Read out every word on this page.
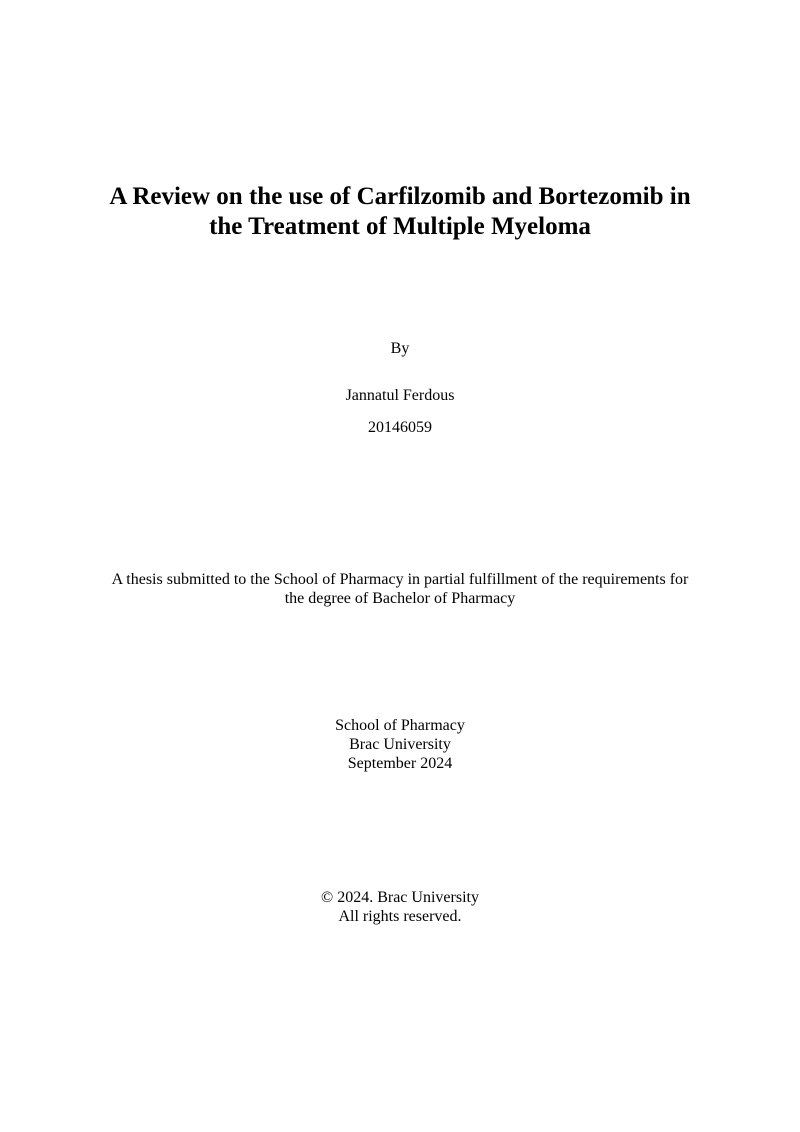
A Review on the use of Carfilzomib and Bortezomib in
the Treatment of Multiple Myeloma
By
Jannatul Ferdous
20146059
A thesis submitted to the School of Pharmacy in partial fulfillment of the requirements for
the degree of Bachelor of Pharmacy
School of Pharmacy
Brac University
September 2024
© 2024. Brac University
All rights reserved.
